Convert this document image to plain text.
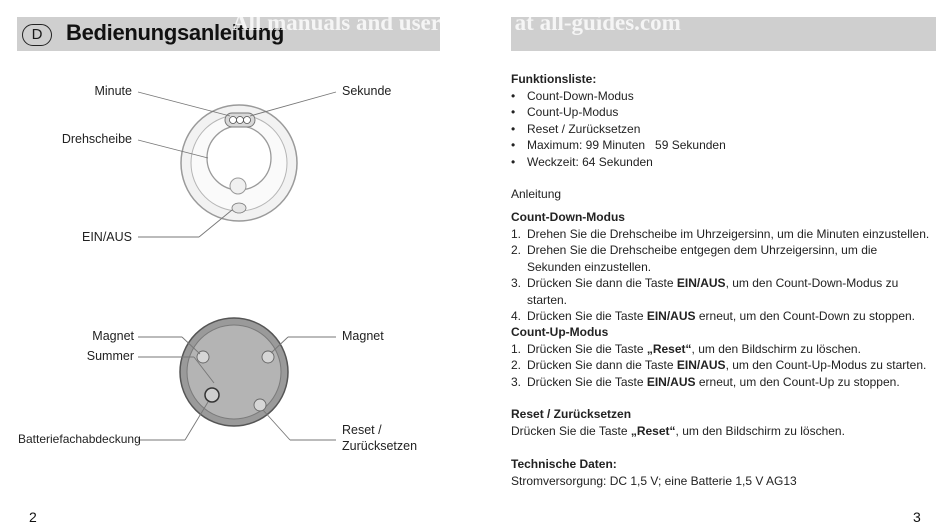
D	Bedienungsanleitung
All manuals and user guides at all-guides.com
Minute	Sekunde
Drehscheibe
EIN/AUS
Magnet
Summer
Batteriefachabdeckung
Magnet
Reset /
Zurücksetzen
Funktionsliste:
• Count-Down-Modus
• Count-Up-Modus
• Reset / Zurücksetzen
• Maximum: 99 Minuten   59 Sekunden
• Weckzeit: 64 Sekunden
Anleitung
Count-Down-Modus
1. Drehen Sie die Drehscheibe im Uhrzeigersinn, um die Minuten einzustellen.
2. Drehen Sie die Drehscheibe entgegen dem Uhrzeigersinn, um die Sekunden einzustellen.
3. Drücken Sie dann die Taste EIN/AUS, um den Count-Down-Modus zu starten.
4. Drücken Sie die Taste EIN/AUS erneut, um den Count-Down zu stoppen.
Count-Up-Modus
1. Drücken Sie die Taste „Reset“, um den Bildschirm zu löschen.
2. Drücken Sie dann die Taste EIN/AUS, um den Count-Up-Modus zu starten.
3. Drücken Sie die Taste EIN/AUS erneut, um den Count-Up zu stoppen.
Reset / Zurücksetzen
Drücken Sie die Taste „Reset“, um den Bildschirm zu löschen.
Technische Daten:
Stromversorgung: DC 1,5 V; eine Batterie 1,5 V AG13
2	3
